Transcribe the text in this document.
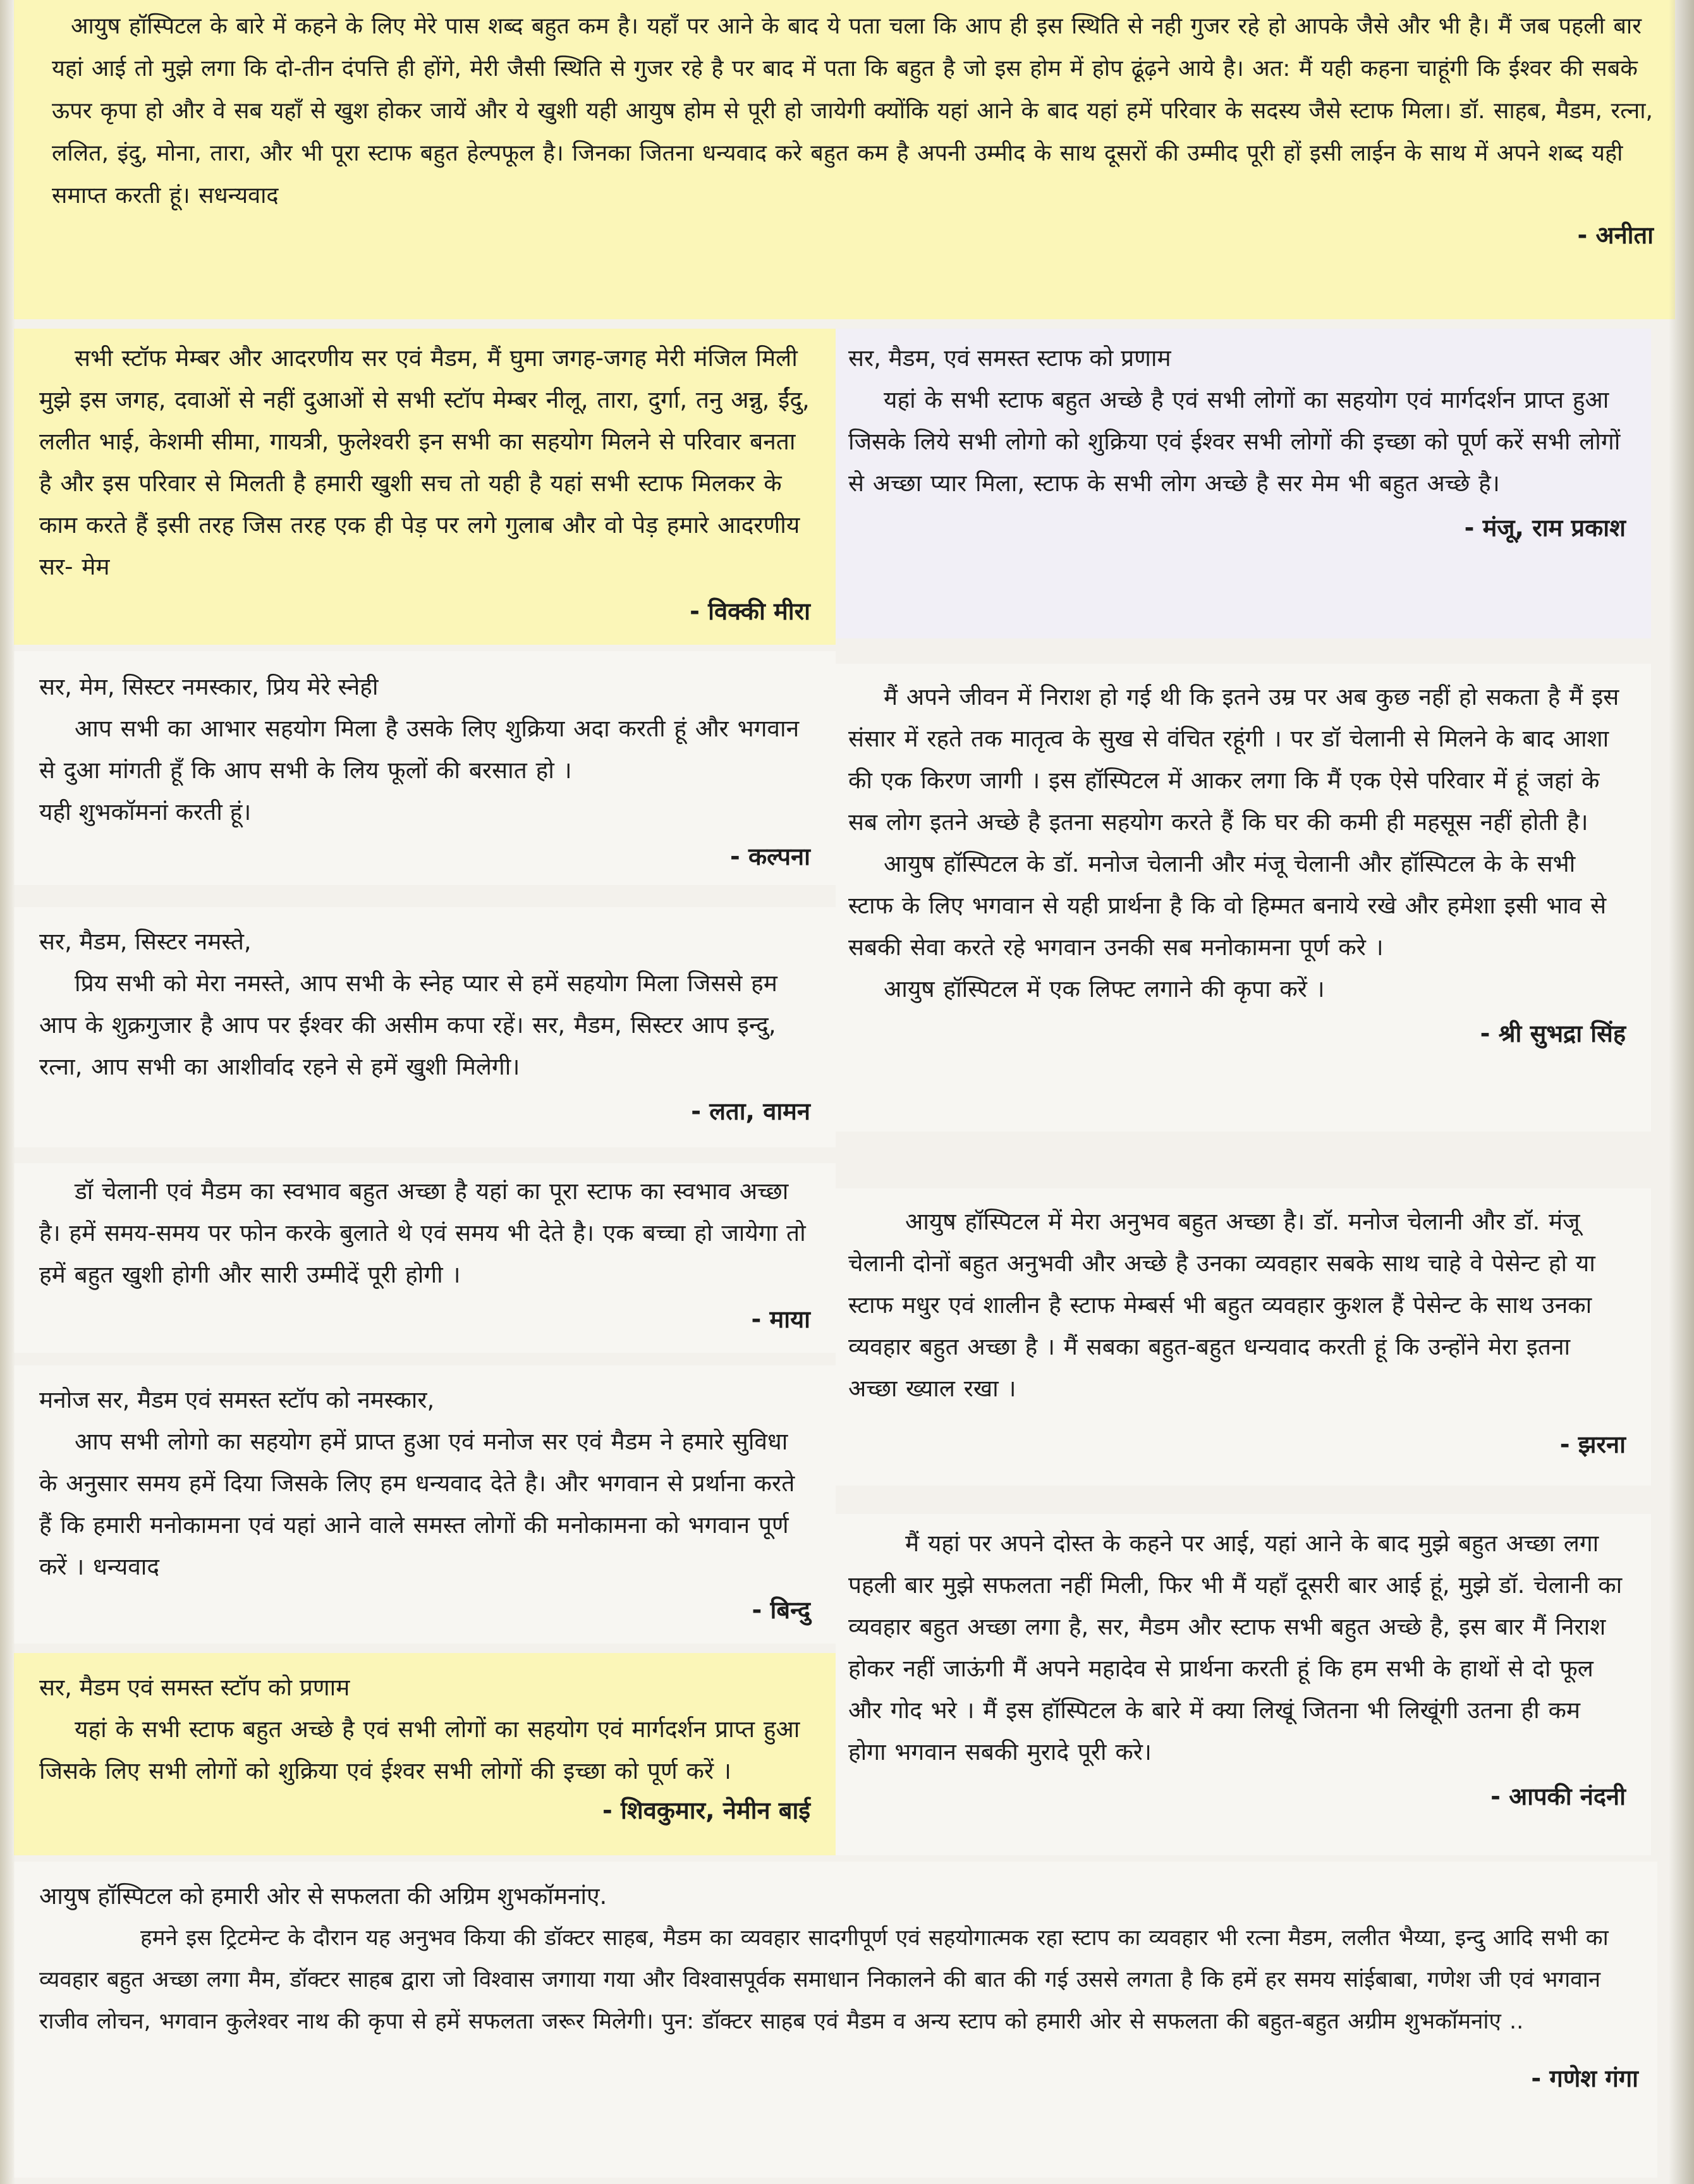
आयुष हॉस्पिटल के बारे में कहने के लिए मेरे पास शब्द बहुत कम है। यहाँ पर आने के बाद ये पता चला कि आप ही इस स्थिति से नही गुजर रहे हो आपके जैसे और भी है। मैं जब पहली बार यहां आई तो मुझे लगा कि दो-तीन दंपत्ति ही होंगे, मेरी जैसी स्थिति से गुजर रहे है पर बाद में पता कि बहुत है जो इस होम में होप ढूंढ़ने आये है। अत: मैं यही कहना चाहूंगी कि ईश्वर की सबके ऊपर कृपा हो और वे सब यहाँ से खुश होकर जायें और ये खुशी यही आयुष होम से पूरी हो जायेगी क्योंकि यहां आने के बाद यहां हमें परिवार के सदस्य जैसे स्टाफ मिला। डॉ. साहब, मैडम, रत्ना, ललित, इंदु, मोना, तारा, और भी पूरा स्टाफ बहुत हेल्पफूल है। जिनका जितना धन्यवाद करे बहुत कम है अपनी उम्मीद के साथ दूसरों की उम्मीद पूरी हों इसी लाईन के साथ में अपने शब्द यही समाप्त करती हूं। सधन्यवाद

- अनीता

सभी स्टॉफ मेम्बर और आदरणीय सर एवं मैडम, मैं घुमा जगह-जगह मेरी मंजिल मिली मुझे इस जगह, दवाओं से नहीं दुआओं से सभी स्टॉप मेम्बर नीलू, तारा, दुर्गा, तनु अन्नु, ईंदु, ललीत भाई, केशमी सीमा, गायत्री, फुलेश्वरी इन सभी का सहयोग मिलने से परिवार बनता है और इस परिवार से मिलती है हमारी खुशी सच तो यही है यहां सभी स्टाफ मिलकर के काम करते हैं इसी तरह जिस तरह एक ही पेड़ पर लगे गुलाब और वो पेड़ हमारे आदरणीय सर- मेम

- विक्की मीरा

सर, मेम, सिस्टर नमस्कार, प्रिय मेरे स्नेही

आप सभी का आभार सहयोग मिला है उसके लिए शुक्रिया अदा करती हूं और भगवान से दुआ मांगती हूँ कि आप सभी के लिय फूलों की बरसात हो ।

यही शुभकॉमनां करती हूं।

- कल्पना

सर, मैडम, सिस्टर नमस्ते,

प्रिय सभी को मेरा नमस्ते, आप सभी के स्नेह प्यार से हमें सहयोग मिला जिससे हम आप के शुक्रगुजार है आप पर ईश्वर की असीम कपा रहें। सर, मैडम, सिस्टर आप इन्दु, रत्ना, आप सभी का आशीर्वाद रहने से हमें खुशी मिलेगी।

- लता, वामन

डॉ चेलानी एवं मैडम का स्वभाव बहुत अच्छा है यहां का पूरा स्टाफ का स्वभाव अच्छा है। हमें समय-समय पर फोन करके बुलाते थे एवं समय भी देते है। एक बच्चा हो जायेगा तो हमें बहुत खुशी होगी और सारी उम्मीदें पूरी होगी ।

- माया

मनोज सर, मैडम एवं समस्त स्टॉप को नमस्कार,

आप सभी लोगो का सहयोग हमें प्राप्त हुआ एवं मनोज सर एवं मैडम ने हमारे सुविधा के अनुसार समय हमें दिया जिसके लिए हम धन्यवाद देते है। और भगवान से प्रर्थाना करते हैं कि हमारी मनोकामना एवं यहां आने वाले समस्त लोगों की मनोकामना को भगवान पूर्ण करें । धन्यवाद

- बिन्दु

सर, मैडम एवं समस्त स्टॉप को प्रणाम

यहां के सभी स्टाफ बहुत अच्छे है एवं सभी लोगों का सहयोग एवं मार्गदर्शन प्राप्त हुआ जिसके लिए सभी लोगों को शुक्रिया एवं ईश्वर सभी लोगों की इच्छा को पूर्ण करें ।

- शिवकुमार, नेमीन बाई

सर, मैडम, एवं समस्त स्टाफ को प्रणाम

यहां के सभी स्टाफ बहुत अच्छे है एवं सभी लोगों का सहयोग एवं मार्गदर्शन प्राप्त हुआ जिसके लिये सभी लोगो को शुक्रिया एवं ईश्वर सभी लोगों की इच्छा को पूर्ण करें सभी लोगों से अच्छा प्यार मिला, स्टाफ के सभी लोग अच्छे है सर मेम भी बहुत अच्छे है।

- मंजू, राम प्रकाश

मैं अपने जीवन में निराश हो गई थी कि इतने उम्र पर अब कुछ नहीं हो सकता है मैं इस संसार में रहते तक मातृत्व के सुख से वंचित रहूंगी । पर डॉ चेलानी से मिलने के बाद आशा की एक किरण जागी । इस हॉस्पिटल में आकर लगा कि मैं एक ऐसे परिवार में हूं जहां के सब लोग इतने अच्छे है इतना सहयोग करते हैं कि घर की कमी ही महसूस नहीं होती है।

आयुष हॉस्पिटल के डॉ. मनोज चेलानी और मंजू चेलानी और हॉस्पिटल के के सभी स्टाफ के लिए भगवान से यही प्रार्थना है कि वो हिम्मत बनाये रखे और हमेशा इसी भाव से सबकी सेवा करते रहे भगवान उनकी सब मनोकामना पूर्ण करे ।

आयुष हॉस्पिटल में एक लिफ्ट लगाने की कृपा करें ।

- श्री सुभद्रा सिंह

आयुष हॉस्पिटल में मेरा अनुभव बहुत अच्छा है। डॉ. मनोज चेलानी और डॉ. मंजू चेलानी दोनों बहुत अनुभवी और अच्छे है उनका व्यवहार सबके साथ चाहे वे पेसेन्ट हो या स्टाफ मधुर एवं शालीन है स्टाफ मेम्बर्स भी बहुत व्यवहार कुशल हैं पेसेन्ट के साथ उनका व्यवहार बहुत अच्छा है । मैं सबका बहुत-बहुत धन्यवाद करती हूं कि उन्होंने मेरा इतना अच्छा ख्याल रखा ।

- झरना

मैं यहां पर अपने दोस्त के कहने पर आई, यहां आने के बाद मुझे बहुत अच्छा लगा पहली बार मुझे सफलता नहीं मिली, फिर भी मैं यहाँ दूसरी बार आई हूं, मुझे डॉ. चेलानी का व्यवहार बहुत अच्छा लगा है, सर, मैडम और स्टाफ सभी बहुत अच्छे है, इस बार मैं निराश होकर नहीं जाऊंगी मैं अपने महादेव से प्रार्थना करती हूं कि हम सभी के हाथों से दो फूल और गोद भरे । मैं इस हॉस्पिटल के बारे में क्या लिखूं जितना भी लिखूंगी उतना ही कम होगा भगवान सबकी मुरादे पूरी करे।

- आपकी नंदनी

आयुष हॉस्पिटल को हमारी ओर से सफलता की अग्रिम शुभकॉमनांए.

हमने इस ट्रिटमेन्ट के दौरान यह अनुभव किया की डॉक्टर साहब, मैडम का व्यवहार सादगीपूर्ण एवं सहयोगात्मक रहा स्टाप का व्यवहार भी रत्ना मैडम, ललीत भैय्या, इन्दु आदि सभी का व्यवहार बहुत अच्छा लगा मैम, डॉक्टर साहब द्वारा जो विश्वास जगाया गया और विश्वासपूर्वक समाधान निकालने की बात की गई उससे लगता है कि हमें हर समय सांईबाबा, गणेश जी एवं भगवान राजीव लोचन, भगवान कुलेश्वर नाथ की कृपा से हमें सफलता जरूर मिलेगी। पुन: डॉक्टर साहब एवं मैडम व अन्य स्टाप को हमारी ओर से सफलता की बहुत-बहुत अग्रीम शुभकॉमनांए ..

- गणेश गंगा
